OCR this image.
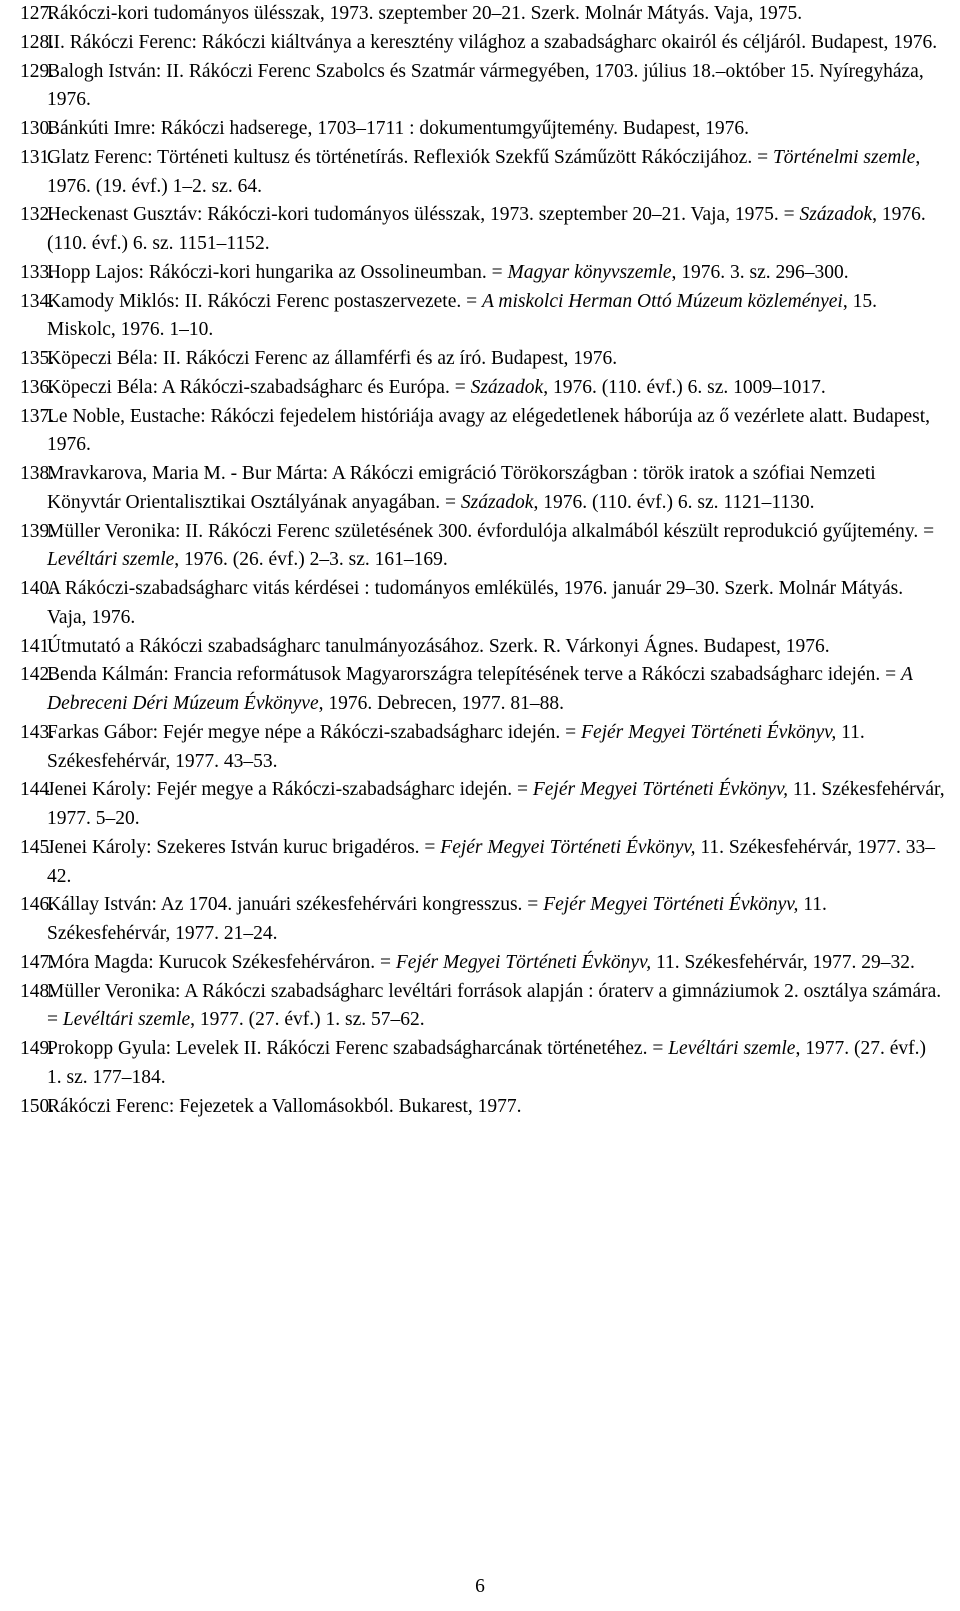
127.
Rákóczi-kori tudományos ülésszak, 1973. szeptember 20–21. Szerk. Molnár Mátyás. Vaja, 1975.
128.
II. Rákóczi Ferenc: Rákóczi kiáltványa a keresztény világhoz a szabadságharc okairól és céljáról. Budapest, 1976.
129.
Balogh István: II. Rákóczi Ferenc Szabolcs és Szatmár vármegyében, 1703. július 18.–október 15. Nyíregyháza, 1976.
130.
Bánkúti Imre: Rákóczi hadserege, 1703–1711 : dokumentumgyűjtemény. Budapest, 1976.
131.
Glatz Ferenc: Történeti kultusz és történetírás. Reflexiók Szekfű Száműzött Rákóczijához. = Történelmi szemle, 1976. (19. évf.) 1–2. sz. 64.
132.
Heckenast Gusztáv: Rákóczi-kori tudományos ülésszak, 1973. szeptember 20–21. Vaja, 1975. = Századok, 1976. (110. évf.) 6. sz. 1151–1152.
133.
Hopp Lajos: Rákóczi-kori hungarika az Ossolineumban. = Magyar könyvszemle, 1976. 3. sz. 296–300.
134.
Kamody Miklós: II. Rákóczi Ferenc postaszervezete. = A miskolci Herman Ottó Múzeum közleményei, 15. Miskolc, 1976. 1–10.
135.
Köpeczi Béla: II. Rákóczi Ferenc az államférfi és az író. Budapest, 1976.
136.
Köpeczi Béla: A Rákóczi-szabadságharc és Európa. = Századok, 1976. (110. évf.) 6. sz. 1009–1017.
137.
Le Noble, Eustache: Rákóczi fejedelem históriája avagy az elégedetlenek háborúja az ő vezérlete alatt. Budapest, 1976.
138.
Mravkarova, Maria M. - Bur Márta: A Rákóczi emigráció Törökországban : török iratok a szófiai Nemzeti Könyvtár Orientalisztikai Osztályának anyagában. = Századok, 1976. (110. évf.) 6. sz. 1121–1130.
139.
Müller Veronika: II. Rákóczi Ferenc születésének 300. évfordulója alkalmából készült reprodukció gyűjtemény. = Levéltári szemle, 1976. (26. évf.) 2–3. sz. 161–169.
140.
A Rákóczi-szabadságharc vitás kérdései : tudományos emlékülés, 1976. január 29–30. Szerk. Molnár Mátyás. Vaja, 1976.
141.
Útmutató a Rákóczi szabadságharc tanulmányozásához. Szerk. R. Várkonyi Ágnes. Budapest, 1976.
142.
Benda Kálmán: Francia reformátusok Magyarországra telepítésének terve a Rákóczi szabadságharc idején. = A Debreceni Déri Múzeum Évkönyve, 1976. Debrecen, 1977. 81–88.
143.
Farkas Gábor: Fejér megye népe a Rákóczi-szabadságharc idején. = Fejér Megyei Történeti Évkönyv, 11. Székesfehérvár, 1977. 43–53.
144.
Jenei Károly: Fejér megye a Rákóczi-szabadságharc idején. = Fejér Megyei Történeti Évkönyv, 11. Székesfehérvár, 1977. 5–20.
145.
Jenei Károly: Szekeres István kuruc brigadéros. = Fejér Megyei Történeti Évkönyv, 11. Székesfehérvár, 1977. 33–42.
146.
Kállay István: Az 1704. januári székesfehérvári kongresszus. = Fejér Megyei Történeti Évkönyv, 11. Székesfehérvár, 1977. 21–24.
147.
Móra Magda: Kurucok Székesfehérváron. = Fejér Megyei Történeti Évkönyv, 11. Székesfehérvár, 1977. 29–32.
148.
Müller Veronika: A Rákóczi szabadságharc levéltári források alapján : óraterv a gimnáziumok 2. osztálya számára. = Levéltári szemle, 1977. (27. évf.) 1. sz. 57–62.
149.
Prokopp Gyula: Levelek II. Rákóczi Ferenc szabadságharcának történetéhez. = Levéltári szemle, 1977. (27. évf.) 1. sz. 177–184.
150.
Rákóczi Ferenc: Fejezetek a Vallomásokból. Bukarest, 1977.
6
